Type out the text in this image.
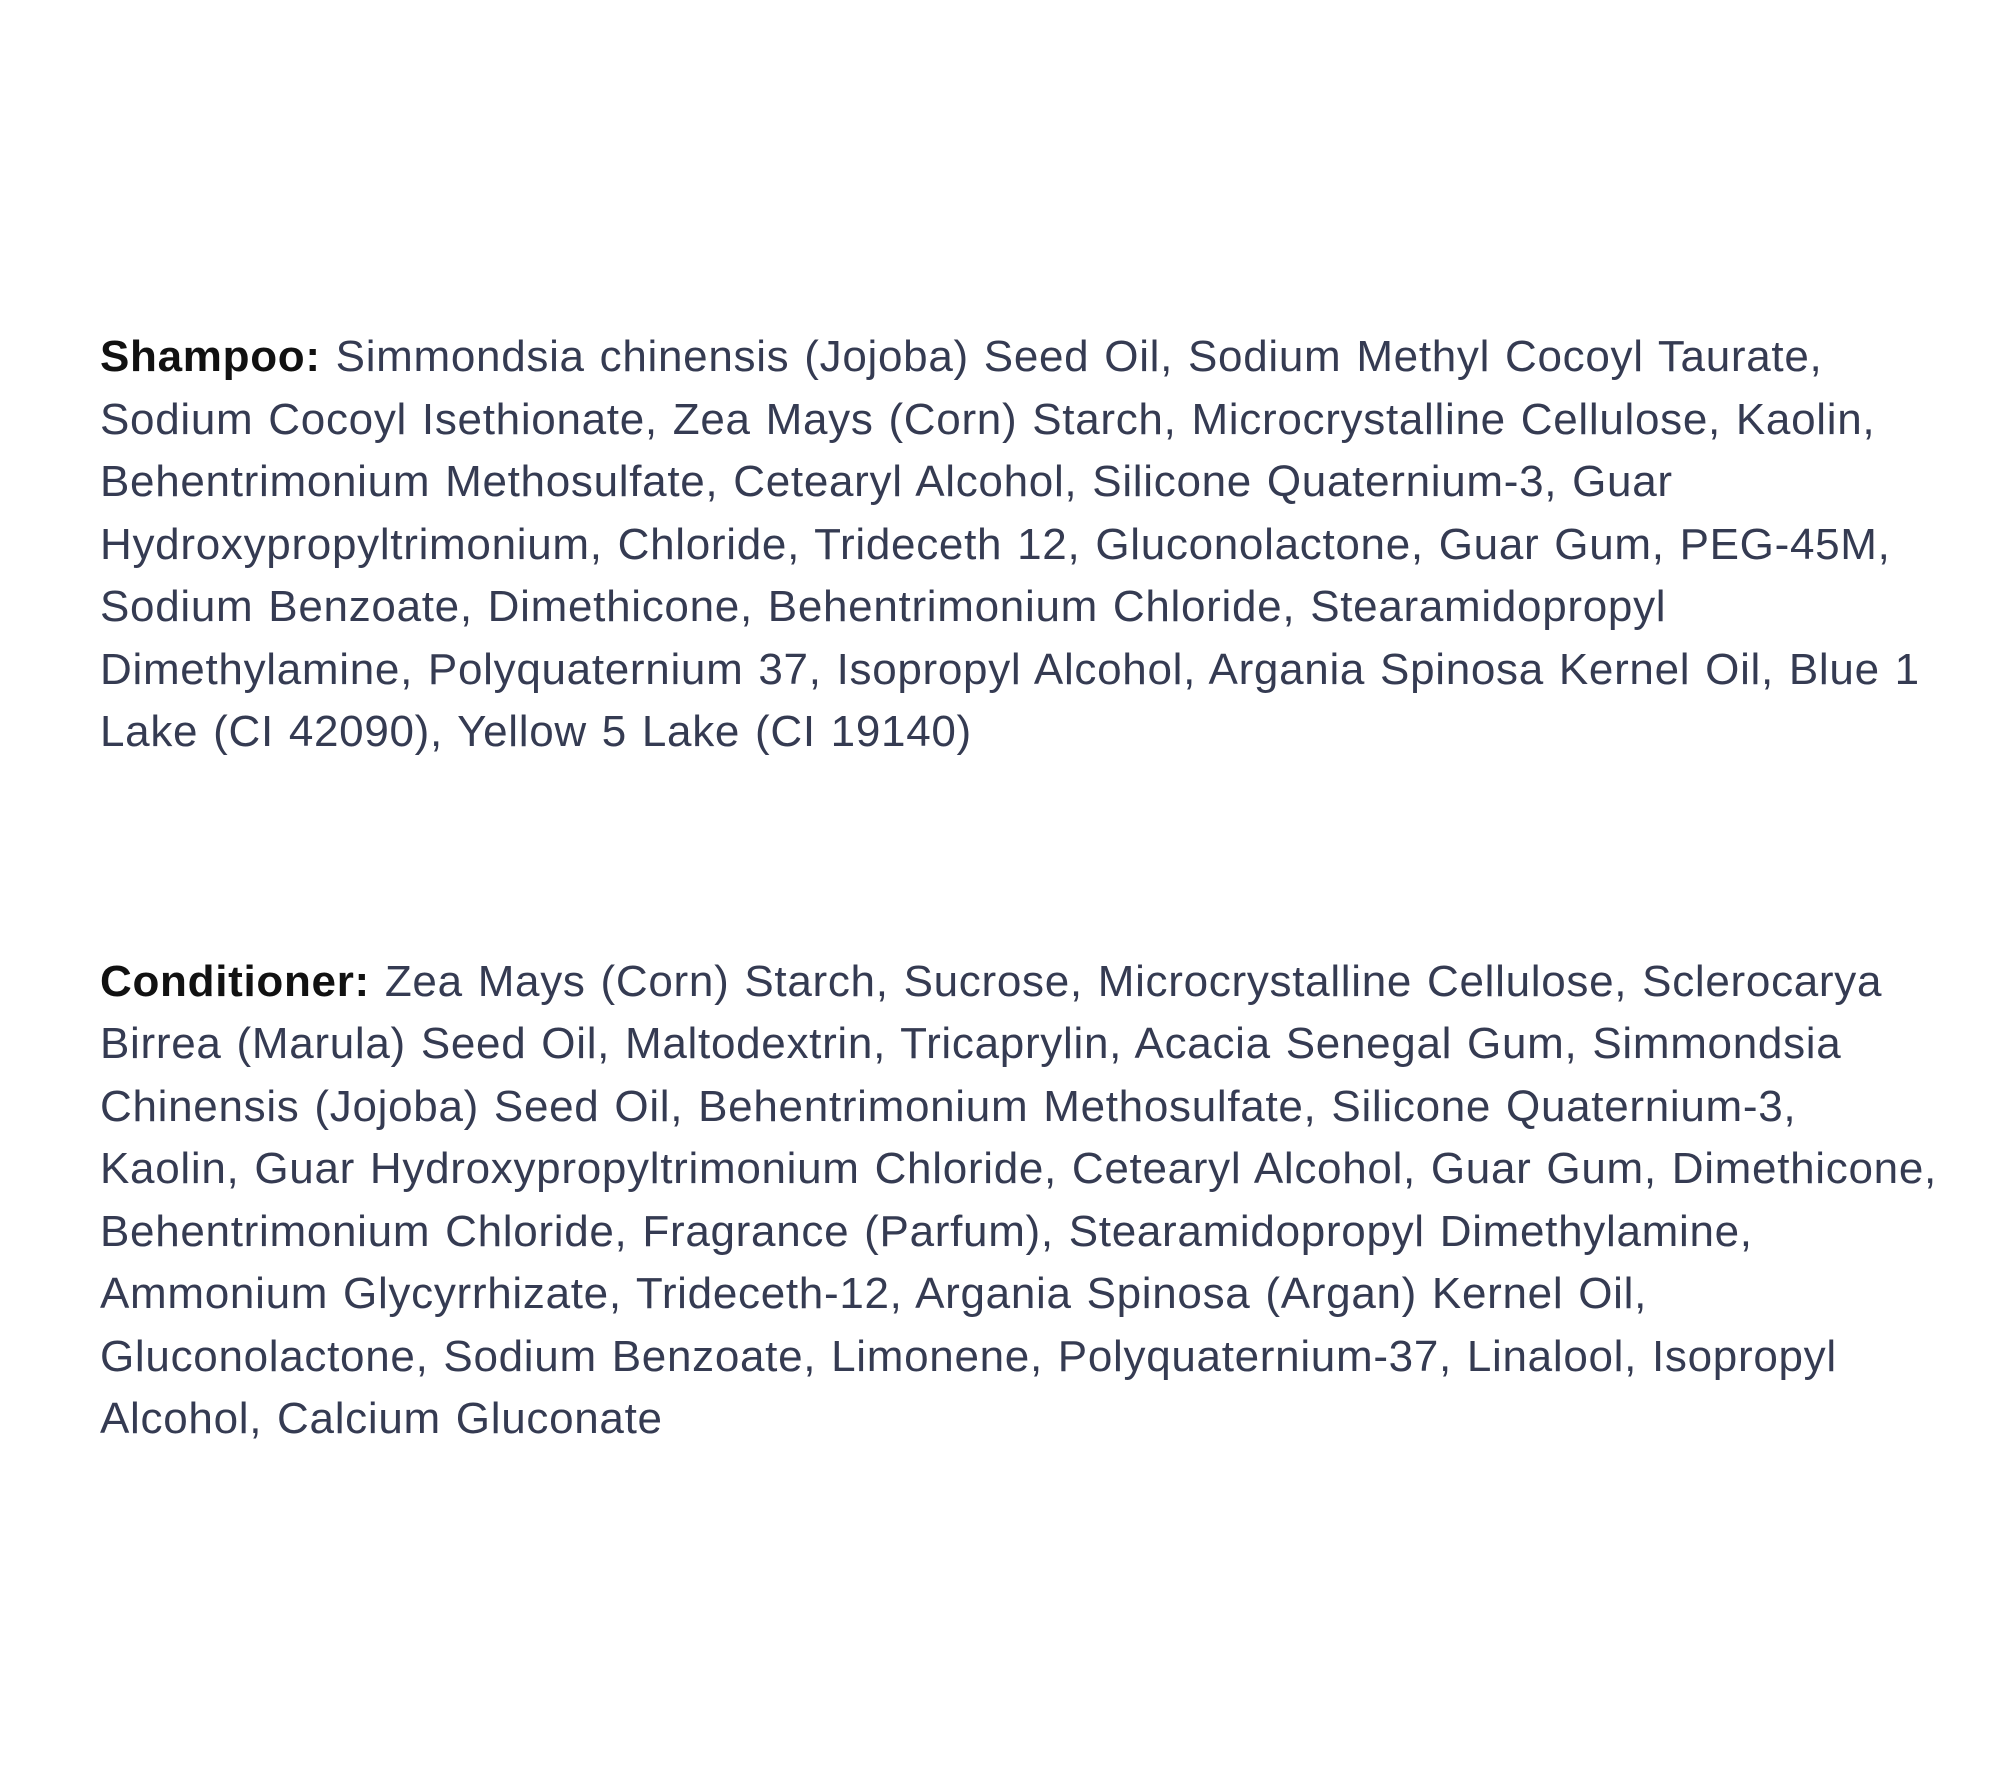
Shampoo: Simmondsia chinensis (Jojoba) Seed Oil, Sodium Methyl Cocoyl Taurate, Sodium Cocoyl Isethionate, Zea Mays (Corn) Starch, Microcrystalline Cellulose, Kaolin, Behentrimonium Methosulfate, Cetearyl Alcohol, Silicone Quaternium-3, Guar Hydroxypropyltrimonium, Chloride, Trideceth 12, Gluconolactone, Guar Gum, PEG-45M, Sodium Benzoate, Dimethicone, Behentrimonium Chloride, Stearamidopropyl Dimethylamine, Polyquaternium 37, Isopropyl Alcohol, Argania Spinosa Kernel Oil, Blue 1 Lake (CI 42090), Yellow 5 Lake (CI 19140)

Conditioner: Zea Mays (Corn) Starch, Sucrose, Microcrystalline Cellulose, Sclerocarya Birrea (Marula) Seed Oil, Maltodextrin, Tricaprylin, Acacia Senegal Gum, Simmondsia Chinensis (Jojoba) Seed Oil, Behentrimonium Methosulfate, Silicone Quaternium-3, Kaolin, Guar Hydroxypropyltrimonium Chloride, Cetearyl Alcohol, Guar Gum, Dimethicone, Behentrimonium Chloride, Fragrance (Parfum), Stearamidopropyl Dimethylamine, Ammonium Glycyrrhizate, Trideceth-12, Argania Spinosa (Argan) Kernel Oil, Gluconolactone, Sodium Benzoate, Limonene, Polyquaternium-37, Linalool, Isopropyl Alcohol, Calcium Gluconate
